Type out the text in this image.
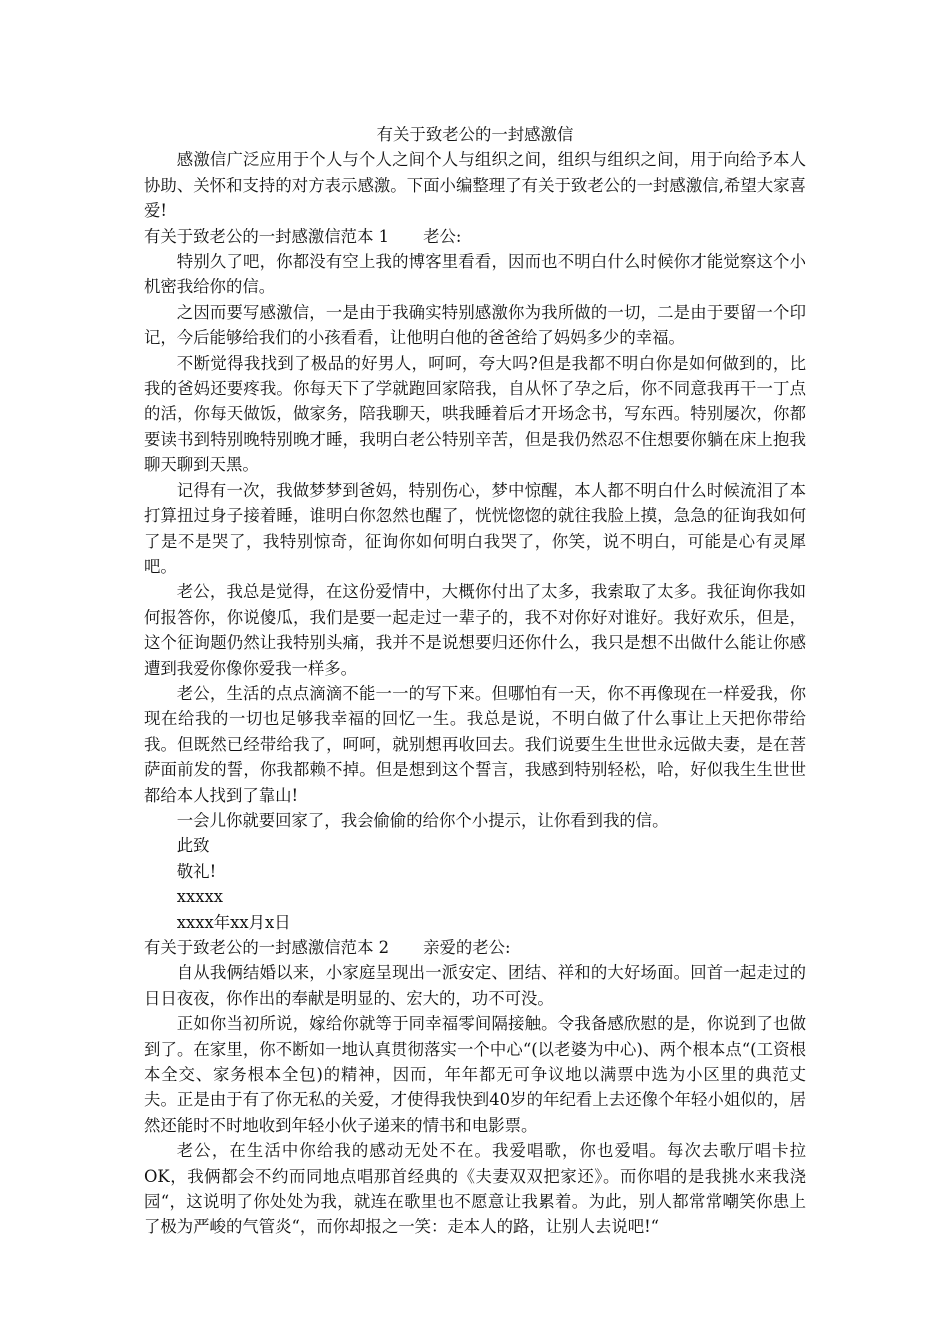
有关于致老公的一封感激信

感激信广泛应用于个人与个人之间个人与组织之间，组织与组织之间，用于向给予本人协助、关怀和支持的对方表示感激。下面小编整理了有关于致老公的一封感激信,希望大家喜爱!

有关于致老公的一封感激信范本 1 老公:

特别久了吧，你都没有空上我的博客里看看，因而也不明白什么时候你才能觉察这个小机密我给你的信。

之因而要写感激信，一是由于我确实特别感激你为我所做的一切，二是由于要留一个印记，今后能够给我们的小孩看看，让他明白他的爸爸给了妈妈多少的幸福。

不断觉得我找到了极品的好男人，呵呵，夸大吗?但是我都不明白你是如何做到的，比我的爸妈还要疼我。你每天下了学就跑回家陪我，自从怀了孕之后，你不同意我再干一丁点的活，你每天做饭，做家务，陪我聊天，哄我睡着后才开场念书，写东西。特别屡次，你都要读书到特别晚特别晚才睡，我明白老公特别辛苦，但是我仍然忍不住想要你躺在床上抱我聊天聊到天黑。

记得有一次，我做梦梦到爸妈，特别伤心，梦中惊醒，本人都不明白什么时候流泪了本打算扭过身子接着睡，谁明白你忽然也醒了，恍恍惚惚的就往我脸上摸，急急的征询我如何了是不是哭了，我特别惊奇，征询你如何明白我哭了，你笑，说不明白，可能是心有灵犀吧。

老公，我总是觉得，在这份爱情中，大概你付出了太多，我索取了太多。我征询你我如何报答你，你说傻瓜，我们是要一起走过一辈子的，我不对你好对谁好。我好欢乐，但是，这个征询题仍然让我特别头痛，我并不是说想要归还你什么，我只是想不出做什么能让你感遭到我爱你像你爱我一样多。

老公，生活的点点滴滴不能一一的写下来。但哪怕有一天，你不再像现在一样爱我，你现在给我的一切也足够我幸福的回忆一生。我总是说，不明白做了什么事让上天把你带给我。但既然已经带给我了，呵呵，就别想再收回去。我们说要生生世世永远做夫妻，是在菩萨面前发的誓，你我都赖不掉。但是想到这个誓言，我感到特别轻松，哈，好似我生生世世都给本人找到了靠山!

一会儿你就要回家了，我会偷偷的给你个小提示，让你看到我的信。

此致

敬礼!

xxxxx

xxxx年xx月x日

有关于致老公的一封感激信范本 2 亲爱的老公:

自从我俩结婚以来，小家庭呈现出一派安定、团结、祥和的大好场面。回首一起走过的日日夜夜，你作出的奉献是明显的、宏大的，功不可没。

正如你当初所说，嫁给你就等于同幸福零间隔接触。令我备感欣慰的是，你说到了也做到了。在家里，你不断如一地认真贯彻落实一个中心“(以老婆为中心)、两个根本点“(工资根本全交、家务根本全包)的精神，因而，年年都无可争议地以满票中选为小区里的典范丈夫。正是由于有了你无私的关爱，才使得我快到40岁的年纪看上去还像个年轻小姐似的，居然还能时不时地收到年轻小伙子递来的情书和电影票。

老公，在生活中你给我的感动无处不在。我爱唱歌，你也爱唱。每次去歌厅唱卡拉OK，我俩都会不约而同地点唱那首经典的《夫妻双双把家还》。而你唱的是我挑水来我浇园“，这说明了你处处为我，就连在歌里也不愿意让我累着。为此，别人都常常嘲笑你患上了极为严峻的气管炎“，而你却报之一笑：走本人的路，让别人去说吧!“
